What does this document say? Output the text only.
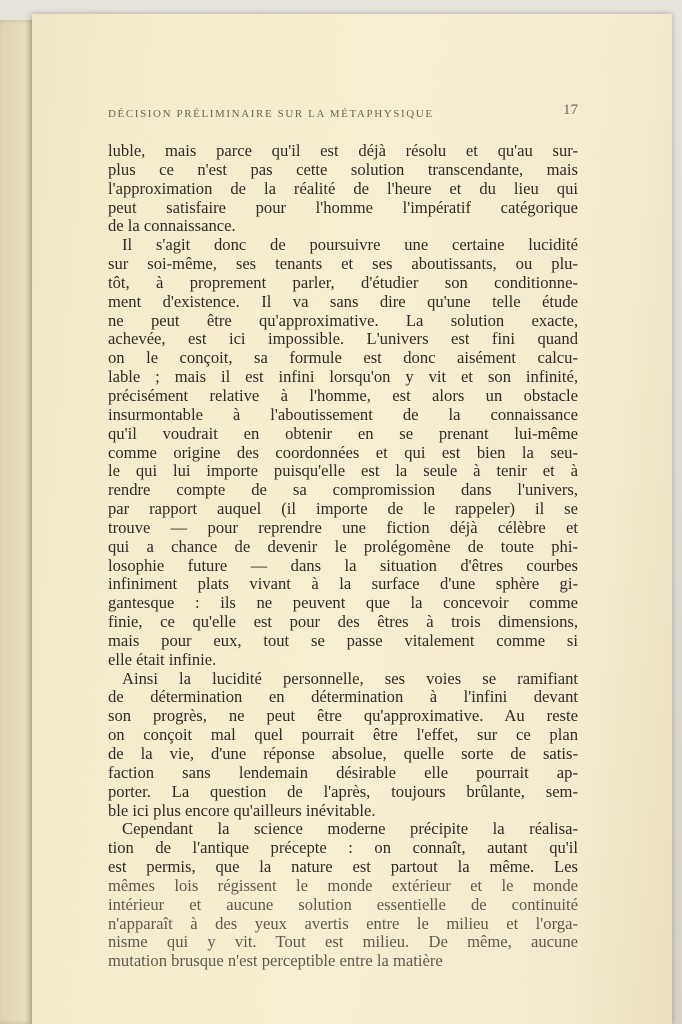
DÉCISION PRÉLIMINAIRE SUR LA MÉTAPHYSIQUE	17
luble, mais parce qu'il est déjà résolu et qu'au sur-
plus ce n'est pas cette solution transcendante, mais
l'approximation de la réalité de l'heure et du lieu qui
peut satisfaire pour l'homme l'impératif catégorique
de la connaissance.
Il s'agit donc de poursuivre une certaine lucidité
sur soi-même, ses tenants et ses aboutissants, ou plu-
tôt, à proprement parler, d'étudier son conditionne-
ment d'existence. Il va sans dire qu'une telle étude
ne peut être qu'approximative. La solution exacte,
achevée, est ici impossible. L'univers est fini quand
on le conçoit, sa formule est donc aisément calcu-
lable ; mais il est infini lorsqu'on y vit et son infinité,
précisément relative à l'homme, est alors un obstacle
insurmontable à l'aboutissement de la connaissance
qu'il voudrait en obtenir en se prenant lui-même
comme origine des coordonnées et qui est bien la seu-
le qui lui importe puisqu'elle est la seule à tenir et à
rendre compte de sa compromission dans l'univers,
par rapport auquel (il importe de le rappeler) il se
trouve — pour reprendre une fiction déjà célèbre et
qui a chance de devenir le prolégomène de toute phi-
losophie future — dans la situation d'êtres courbes
infiniment plats vivant à la surface d'une sphère gi-
gantesque : ils ne peuvent que la concevoir comme
finie, ce qu'elle est pour des êtres à trois dimensions,
mais pour eux, tout se passe vitalement comme si
elle était infinie.
Ainsi la lucidité personnelle, ses voies se ramifiant
de détermination en détermination à l'infini devant
son progrès, ne peut être qu'approximative. Au reste
on conçoit mal quel pourrait être l'effet, sur ce plan
de la vie, d'une réponse absolue, quelle sorte de satis-
faction sans lendemain désirable elle pourrait ap-
porter. La question de l'après, toujours brûlante, sem-
ble ici plus encore qu'ailleurs inévitable.
Cependant la science moderne précipite la réalisa-
tion de l'antique précepte : on connaît, autant qu'il
est permis, que la nature est partout la même. Les
mêmes lois régissent le monde extérieur et le monde
intérieur et aucune solution essentielle de continuité
n'apparaît à des yeux avertis entre le milieu et l'orga-
nisme qui y vit. Tout est milieu. De même, aucune
mutation brusque n'est perceptible entre la matière
